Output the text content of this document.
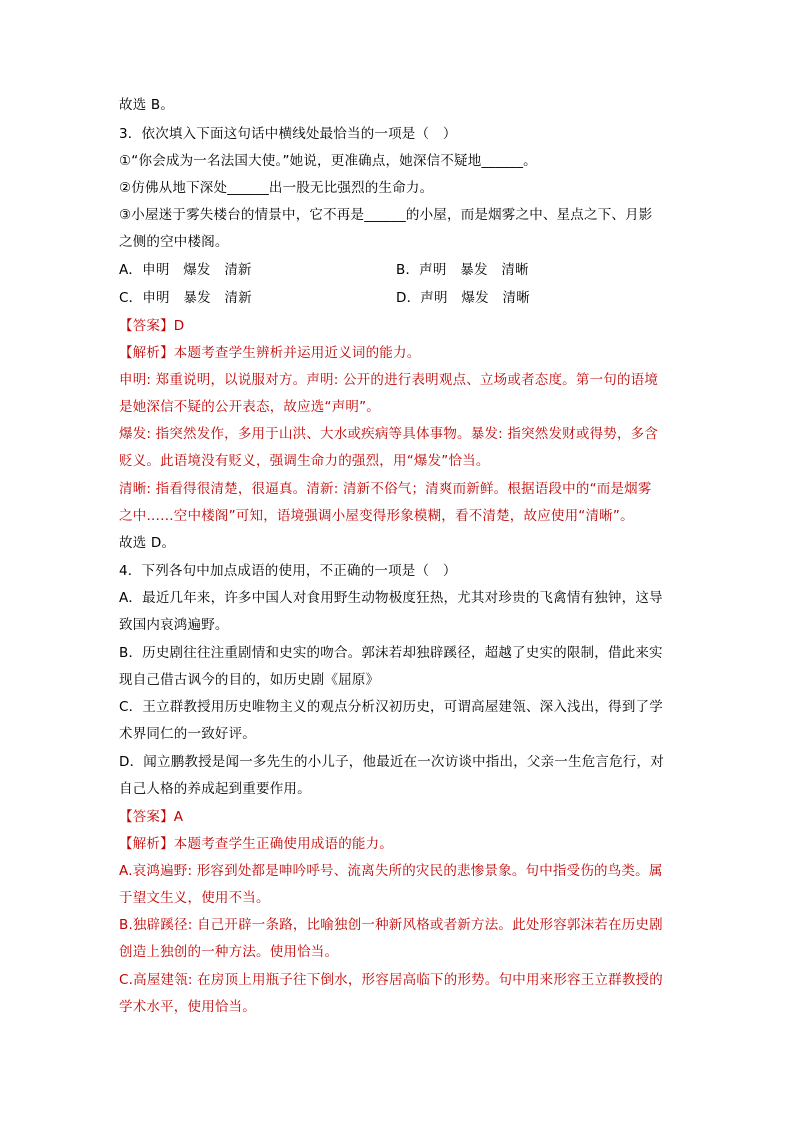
故选 B。
3．依次填入下面这句话中横线处最恰当的一项是（　）
①“你会成为一名法国大使。”她说，更准确点，她深信不疑地______。
②仿佛从地下深处______出一股无比强烈的生命力。
③小屋迷于雾失楼台的情景中，它不再是______的小屋，而是烟雾之中、星点之下、月影
之侧的空中楼阁。
A．申明　爆发　清新	B．声明　暴发　清晰
C．申明　暴发　清新	D．声明　爆发　清晰
【答案】D
【解析】本题考查学生辨析并运用近义词的能力。
申明: 郑重说明，以说服对方。声明: 公开的进行表明观点、立场或者态度。第一句的语境
是她深信不疑的公开表态，故应选“声明”。
爆发: 指突然发作，多用于山洪、大水或疾病等具体事物。暴发: 指突然发财或得势，多含
贬义。此语境没有贬义，强调生命力的强烈，用“爆发”恰当。
清晰: 指看得很清楚，很逼真。清新: 清新不俗气；清爽而新鲜。根据语段中的“而是烟雾
之中……空中楼阁”可知，语境强调小屋变得形象模糊，看不清楚，故应使用“清晰”。
故选 D。
4．下列各句中加点成语的使用，不正确的一项是（　）
A．最近几年来，许多中国人对食用野生动物极度狂热，尤其对珍贵的飞禽情有独钟，这导
致国内哀鸿遍野。
B．历史剧往往注重剧情和史实的吻合。郭沫若却独辟蹊径，超越了史实的限制，借此来实
现自己借古讽今的目的，如历史剧《屈原》
C．王立群教授用历史唯物主义的观点分析汉初历史，可谓高屋建瓴、深入浅出，得到了学
术界同仁的一致好评。
D．闻立鹏教授是闻一多先生的小儿子，他最近在一次访谈中指出，父亲一生危言危行，对
自己人格的养成起到重要作用。
【答案】A
【解析】本题考查学生正确使用成语的能力。
A.哀鸿遍野: 形容到处都是呻吟呼号、流离失所的灾民的悲惨景象。句中指受伤的鸟类。属
于望文生义，使用不当。
B.独辟蹊径: 自己开辟一条路，比喻独创一种新风格或者新方法。此处形容郭沫若在历史剧
创造上独创的一种方法。使用恰当。
C.高屋建瓴: 在房顶上用瓶子往下倒水，形容居高临下的形势。句中用来形容王立群教授的
学术水平，使用恰当。
